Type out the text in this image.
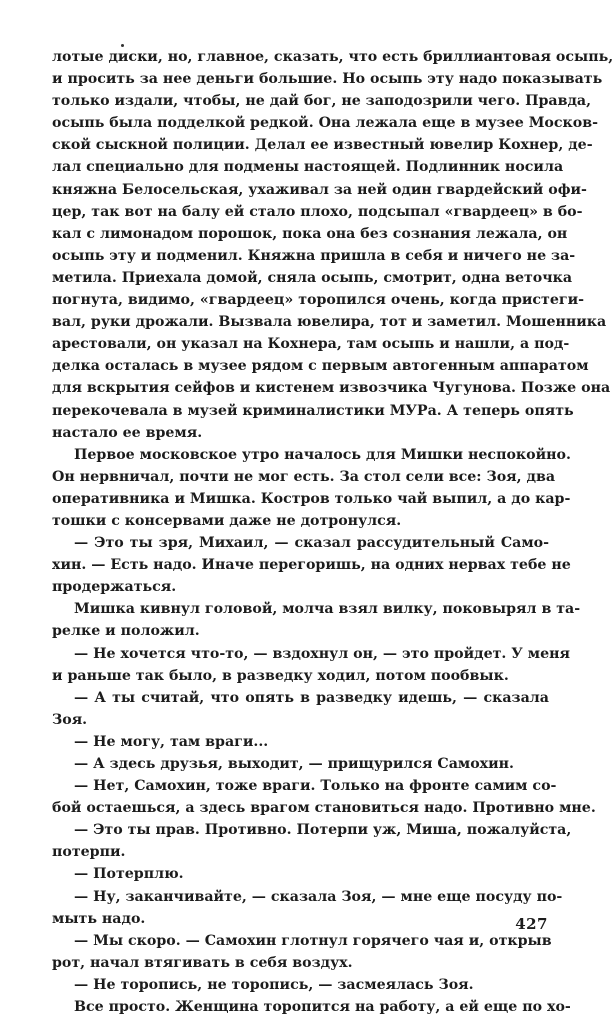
лотые диски, но, главное, сказать, что есть бриллиантовая осыпь,
и просить за нее деньги большие. Но осыпь эту надо показывать
только издали, чтобы, не дай бог, не заподозрили чего. Правда,
осыпь была подделкой редкой. Она лежала еще в музее Москов-
ской сыскной полиции. Делал ее известный ювелир Кохнер, де-
лал специально для подмены настоящей. Подлинник носила
княжна Белосельская, ухаживал за ней один гвардейский офи-
цер, так вот на балу ей стало плохо, подсыпал «гвардеец» в бо-
кал с лимонадом порошок, пока она без сознания лежала, он
осыпь эту и подменил. Княжна пришла в себя и ничего не за-
метила. Приехала домой, сняла осыпь, смотрит, одна веточка
погнута, видимо, «гвардеец» торопился очень, когда пристеги-
вал, руки дрожали. Вызвала ювелира, тот и заметил. Мошенника
арестовали, он указал на Кохнера, там осыпь и нашли, а под-
делка осталась в музее рядом с первым автогенным аппаратом
для вскрытия сейфов и кистенем извозчика Чугунова. Позже она
перекочевала в музей криминалистики МУРа. А теперь опять
настало ее время.
Первое московское утро началось для Мишки неспокойно.
Он нервничал, почти не мог есть. За стол сели все: Зоя, два
оперативника и Мишка. Костров только чай выпил, а до кар-
тошки с консервами даже не дотронулся.
— Это ты зря, Михаил, — сказал рассудительный Само-
хин. — Есть надо. Иначе перегоришь, на одних нервах тебе не
продержаться.
Мишка кивнул головой, молча взял вилку, поковырял в та-
релке и положил.
— Не хочется что-то, — вздохнул он, — это пройдет. У меня
и раньше так было, в разведку ходил, потом пообвык.
— А ты считай, что опять в разведку идешь, — сказала
Зоя.
— Не могу, там враги...
— А здесь друзья, выходит, — прищурился Самохин.
— Нет, Самохин, тоже враги. Только на фронте самим со-
бой остаешься, а здесь врагом становиться надо. Противно мне.
— Это ты прав. Противно. Потерпи уж, Миша, пожалуйста,
потерпи.
— Потерплю.
— Ну, заканчивайте, — сказала Зоя, — мне еще посуду по-
мыть надо.
— Мы скоро. — Самохин глотнул горячего чая и, открыв
рот, начал втягивать в себя воздух.
— Не торопись, не торопись, — засмеялась Зоя.
Все просто. Женщина торопится на работу, а ей еще по хо-
427
